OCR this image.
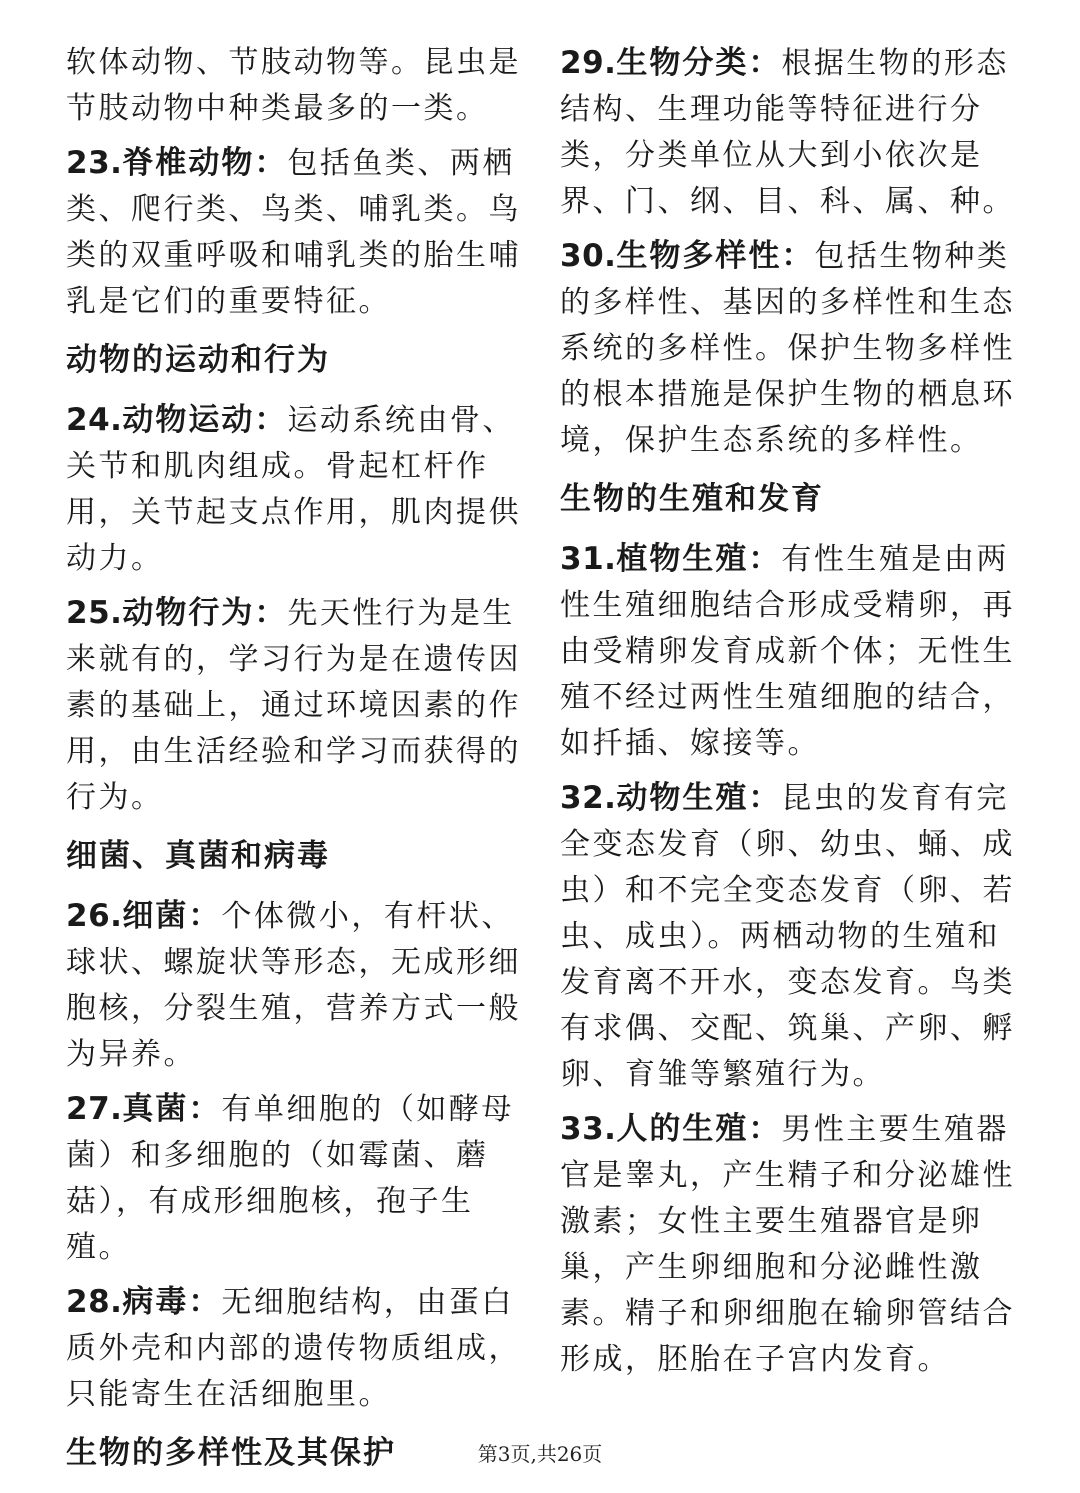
软体动物、节肢动物等。昆虫是节肢动物中种类最多的一类。

23.脊椎动物：包括鱼类、两栖类、爬行类、鸟类、哺乳类。鸟类的双重呼吸和哺乳类的胎生哺乳是它们的重要特征。

动物的运动和行为

24.动物运动：运动系统由骨、关节和肌肉组成。骨起杠杆作用，关节起支点作用，肌肉提供动力。

25.动物行为：先天性行为是生来就有的，学习行为是在遗传因素的基础上，通过环境因素的作用，由生活经验和学习而获得的行为。

细菌、真菌和病毒

26.细菌：个体微小，有杆状、球状、螺旋状等形态，无成形细胞核，分裂生殖，营养方式一般为异养。

27.真菌：有单细胞的（如酵母菌）和多细胞的（如霉菌、蘑菇），有成形细胞核，孢子生殖。

28.病毒：无细胞结构，由蛋白质外壳和内部的遗传物质组成，只能寄生在活细胞里。

生物的多样性及其保护

29.生物分类：根据生物的形态结构、生理功能等特征进行分类，分类单位从大到小依次是界、门、纲、目、科、属、种。

30.生物多样性：包括生物种类的多样性、基因的多样性和生态系统的多样性。保护生物多样性的根本措施是保护生物的栖息环境，保护生态系统的多样性。

生物的生殖和发育

31.植物生殖：有性生殖是由两性生殖细胞结合形成受精卵，再由受精卵发育成新个体；无性生殖不经过两性生殖细胞的结合，如扦插、嫁接等。

32.动物生殖：昆虫的发育有完全变态发育（卵、幼虫、蛹、成虫）和不完全变态发育（卵、若虫、成虫）。两栖动物的生殖和发育离不开水，变态发育。鸟类有求偶、交配、筑巢、产卵、孵卵、育雏等繁殖行为。

33.人的生殖：男性主要生殖器官是睾丸，产生精子和分泌雄性激素；女性主要生殖器官是卵巢，产生卵细胞和分泌雌性激素。精子和卵细胞在输卵管结合形成，胚胎在子宫内发育。

第3页,共26页
